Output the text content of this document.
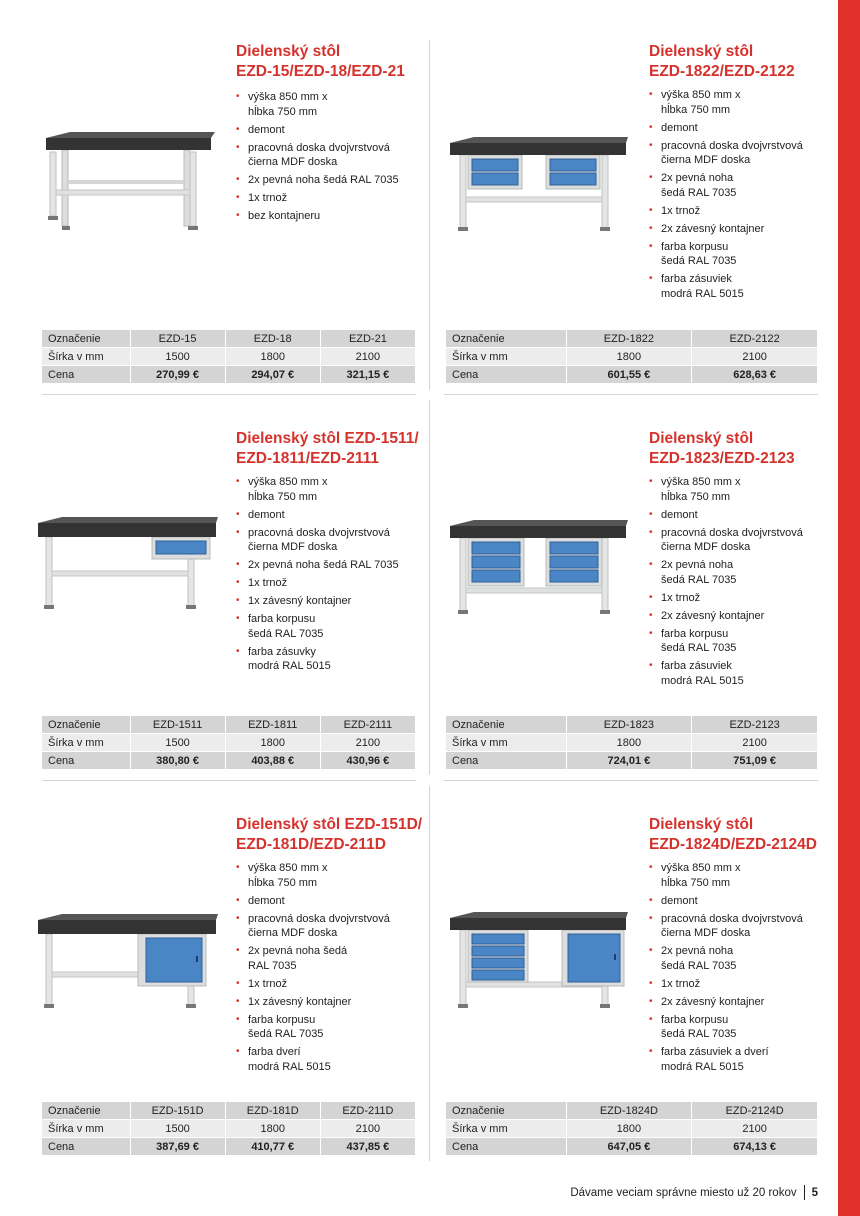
Dielenský stôl
EZD-15/EZD-18/EZD-21
• výška 850 mm x
hĺbka 750 mm
• demont
• pracovná doska dvojvrstvová
čierna MDF doska
• 2x pevná noha šedá RAL 7035
• 1x trnož
• bez kontajneru
Označenie	EZD-15	EZD-18	EZD-21
Šírka v mm	1500	1800	2100
Cena	270,99 €	294,07 €	321,15 €
Dielenský stôl
EZD-1822/EZD-2122
• výška 850 mm x
hĺbka 750 mm
• demont
• pracovná doska dvojvrstvová
čierna MDF doska
• 2x pevná noha
šedá RAL 7035
• 1x trnož
• 2x závesný kontajner
• farba korpusu
šedá RAL 7035
• farba zásuviek
modrá RAL 5015
Označenie	EZD-1822	EZD-2122
Šírka v mm	1800	2100
Cena	601,55 €	628,63 €
Dielenský stôl EZD-1511/
EZD-1811/EZD-2111
• výška 850 mm x
hĺbka 750 mm
• demont
• pracovná doska dvojvrstvová
čierna MDF doska
• 2x pevná noha šedá RAL 7035
• 1x trnož
• 1x závesný kontajner
• farba korpusu
šedá RAL 7035
• farba zásuvky
modrá RAL 5015
Označenie	EZD-1511	EZD-1811	EZD-2111
Šírka v mm	1500	1800	2100
Cena	380,80 €	403,88 €	430,96 €
Dielenský stôl
EZD-1823/EZD-2123
• výška 850 mm x
hĺbka 750 mm
• demont
• pracovná doska dvojvrstvová
čierna MDF doska
• 2x pevná noha
šedá RAL 7035
• 1x trnož
• 2x závesný kontajner
• farba korpusu
šedá RAL 7035
• farba zásuviek
modrá RAL 5015
Označenie	EZD-1823	EZD-2123
Šírka v mm	1800	2100
Cena	724,01 €	751,09 €
Dielenský stôl EZD-151D/
EZD-181D/EZD-211D
• výška 850 mm x
hĺbka 750 mm
• demont
• pracovná doska dvojvrstvová
čierna MDF doska
• 2x pevná noha šedá
RAL 7035
• 1x trnož
• 1x závesný kontajner
• farba korpusu
šedá RAL 7035
• farba dverí
modrá RAL 5015
Označenie	EZD-151D	EZD-181D	EZD-211D
Šírka v mm	1500	1800	2100
Cena	387,69 €	410,77 €	437,85 €
Dielenský stôl
EZD-1824D/EZD-2124D
• výška 850 mm x
hĺbka 750 mm
• demont
• pracovná doska dvojvrstvová
čierna MDF doska
• 2x pevná noha
šedá RAL 7035
• 1x trnož
• 2x závesný kontajner
• farba korpusu
šedá RAL 7035
• farba zásuviek a dverí
modrá RAL 5015
Označenie	EZD-1824D	EZD-2124D
Šírka v mm	1800	2100
Cena	647,05 €	674,13 €
Dávame veciam správne miesto už 20 rokov 5
